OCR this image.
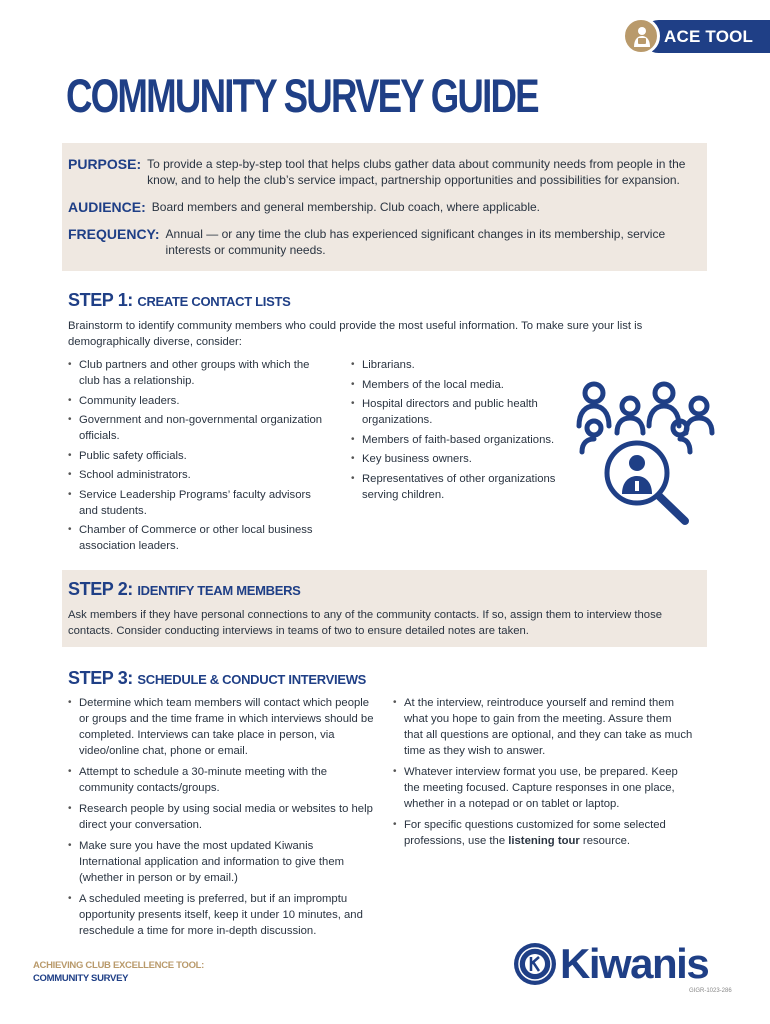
ACE TOOL
COMMUNITY SURVEY GUIDE
PURPOSE: To provide a step-by-step tool that helps clubs gather data about community needs from people in the know, and to help the club’s service impact, partnership opportunities and possibilities for expansion.
AUDIENCE: Board members and general membership. Club coach, where applicable.
FREQUENCY: Annual — or any time the club has experienced significant changes in its membership, service interests or community needs.
STEP 1: CREATE CONTACT LISTS
Brainstorm to identify community members who could provide the most useful information. To make sure your list is demographically diverse, consider:
• Club partners and other groups with which the club has a relationship.
• Community leaders.
• Government and non-governmental organization officials.
• Public safety officials.
• School administrators.
• Service Leadership Programs’ faculty advisors and students.
• Chamber of Commerce or other local business association leaders.
• Librarians.
• Members of the local media.
• Hospital directors and public health organizations.
• Members of faith-based organizations.
• Key business owners.
• Representatives of other organizations serving children.
STEP 2: IDENTIFY TEAM MEMBERS
Ask members if they have personal connections to any of the community contacts. If so, assign them to interview those contacts. Consider conducting interviews in teams of two to ensure detailed notes are taken.
STEP 3: SCHEDULE & CONDUCT INTERVIEWS
• Determine which team members will contact which people or groups and the time frame in which interviews should be completed. Interviews can take place in person, via video/online chat, phone or email.
• Attempt to schedule a 30-minute meeting with the community contacts/groups.
• Research people by using social media or websites to help direct your conversation.
• Make sure you have the most updated Kiwanis International application and information to give them (whether in person or by email.)
• A scheduled meeting is preferred, but if an impromptu opportunity presents itself, keep it under 10 minutes, and reschedule a time for more in-depth discussion.
• At the interview, reintroduce yourself and remind them what you hope to gain from the meeting. Assure them that all questions are optional, and they can take as much time as they wish to answer.
• Whatever interview format you use, be prepared. Keep the meeting focused. Capture responses in one place, whether in a notepad or on tablet or laptop.
• For specific questions customized for some selected professions, use the listening tour resource.
ACHIEVING CLUB EXCELLENCE TOOL:
COMMUNITY SURVEY	Kiwanis
GIGR-1023-286
